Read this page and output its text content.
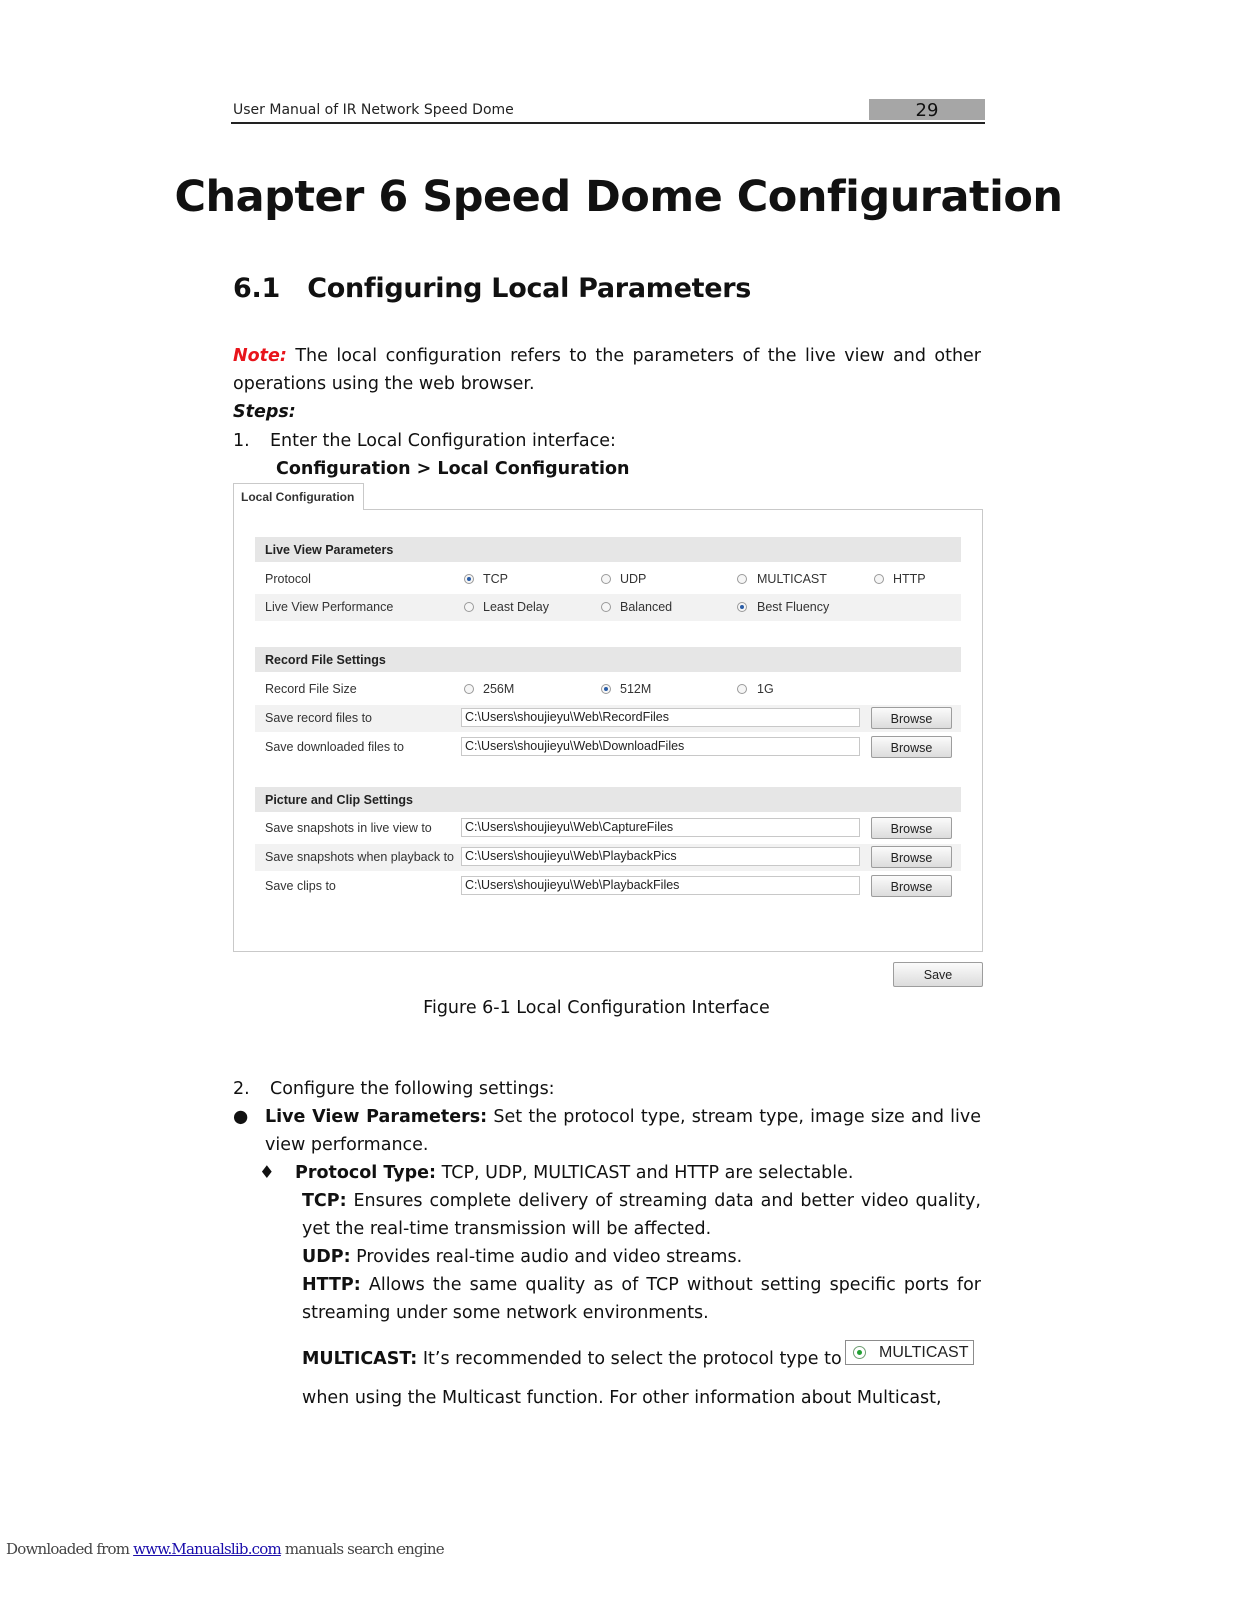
User Manual of IR Network Speed Dome	29
Chapter 6 Speed Dome Configuration
6.1   Configuring Local Parameters
Note: The local configuration refers to the parameters of the live view and other operations using the web browser.
Steps:
1. Enter the Local Configuration interface:
Configuration > Local Configuration
Local Configuration
Live View Parameters
Protocol	TCP	UDP	MULTICAST	HTTP
Live View Performance	Least Delay	Balanced	Best Fluency
Record File Settings
Record File Size	256M	512M	1G
Save record files to	C:\Users\shoujieyu\Web\RecordFiles	Browse
Save downloaded files to	C:\Users\shoujieyu\Web\DownloadFiles	Browse
Picture and Clip Settings
Save snapshots in live view to	C:\Users\shoujieyu\Web\CaptureFiles	Browse
Save snapshots when playback to C:\Users\shoujieyu\Web\PlaybackPics	Browse
Save clips to	C:\Users\shoujieyu\Web\PlaybackFiles	Browse
Save
Figure 6-1 Local Configuration Interface
2. Configure the following settings:
● Live View Parameters: Set the protocol type, stream type, image size and live view performance.
♦ Protocol Type: TCP, UDP, MULTICAST and HTTP are selectable.
TCP: Ensures complete delivery of streaming data and better video quality, yet the real-time transmission will be affected.
UDP: Provides real-time audio and video streams.
HTTP: Allows the same quality as of TCP without setting specific ports for streaming under some network environments.
MULTICAST: It’s recommended to select the protocol type to MULTICAST
when using the Multicast function. For other information about Multicast,
Downloaded from www.Manualslib.com manuals search engine
